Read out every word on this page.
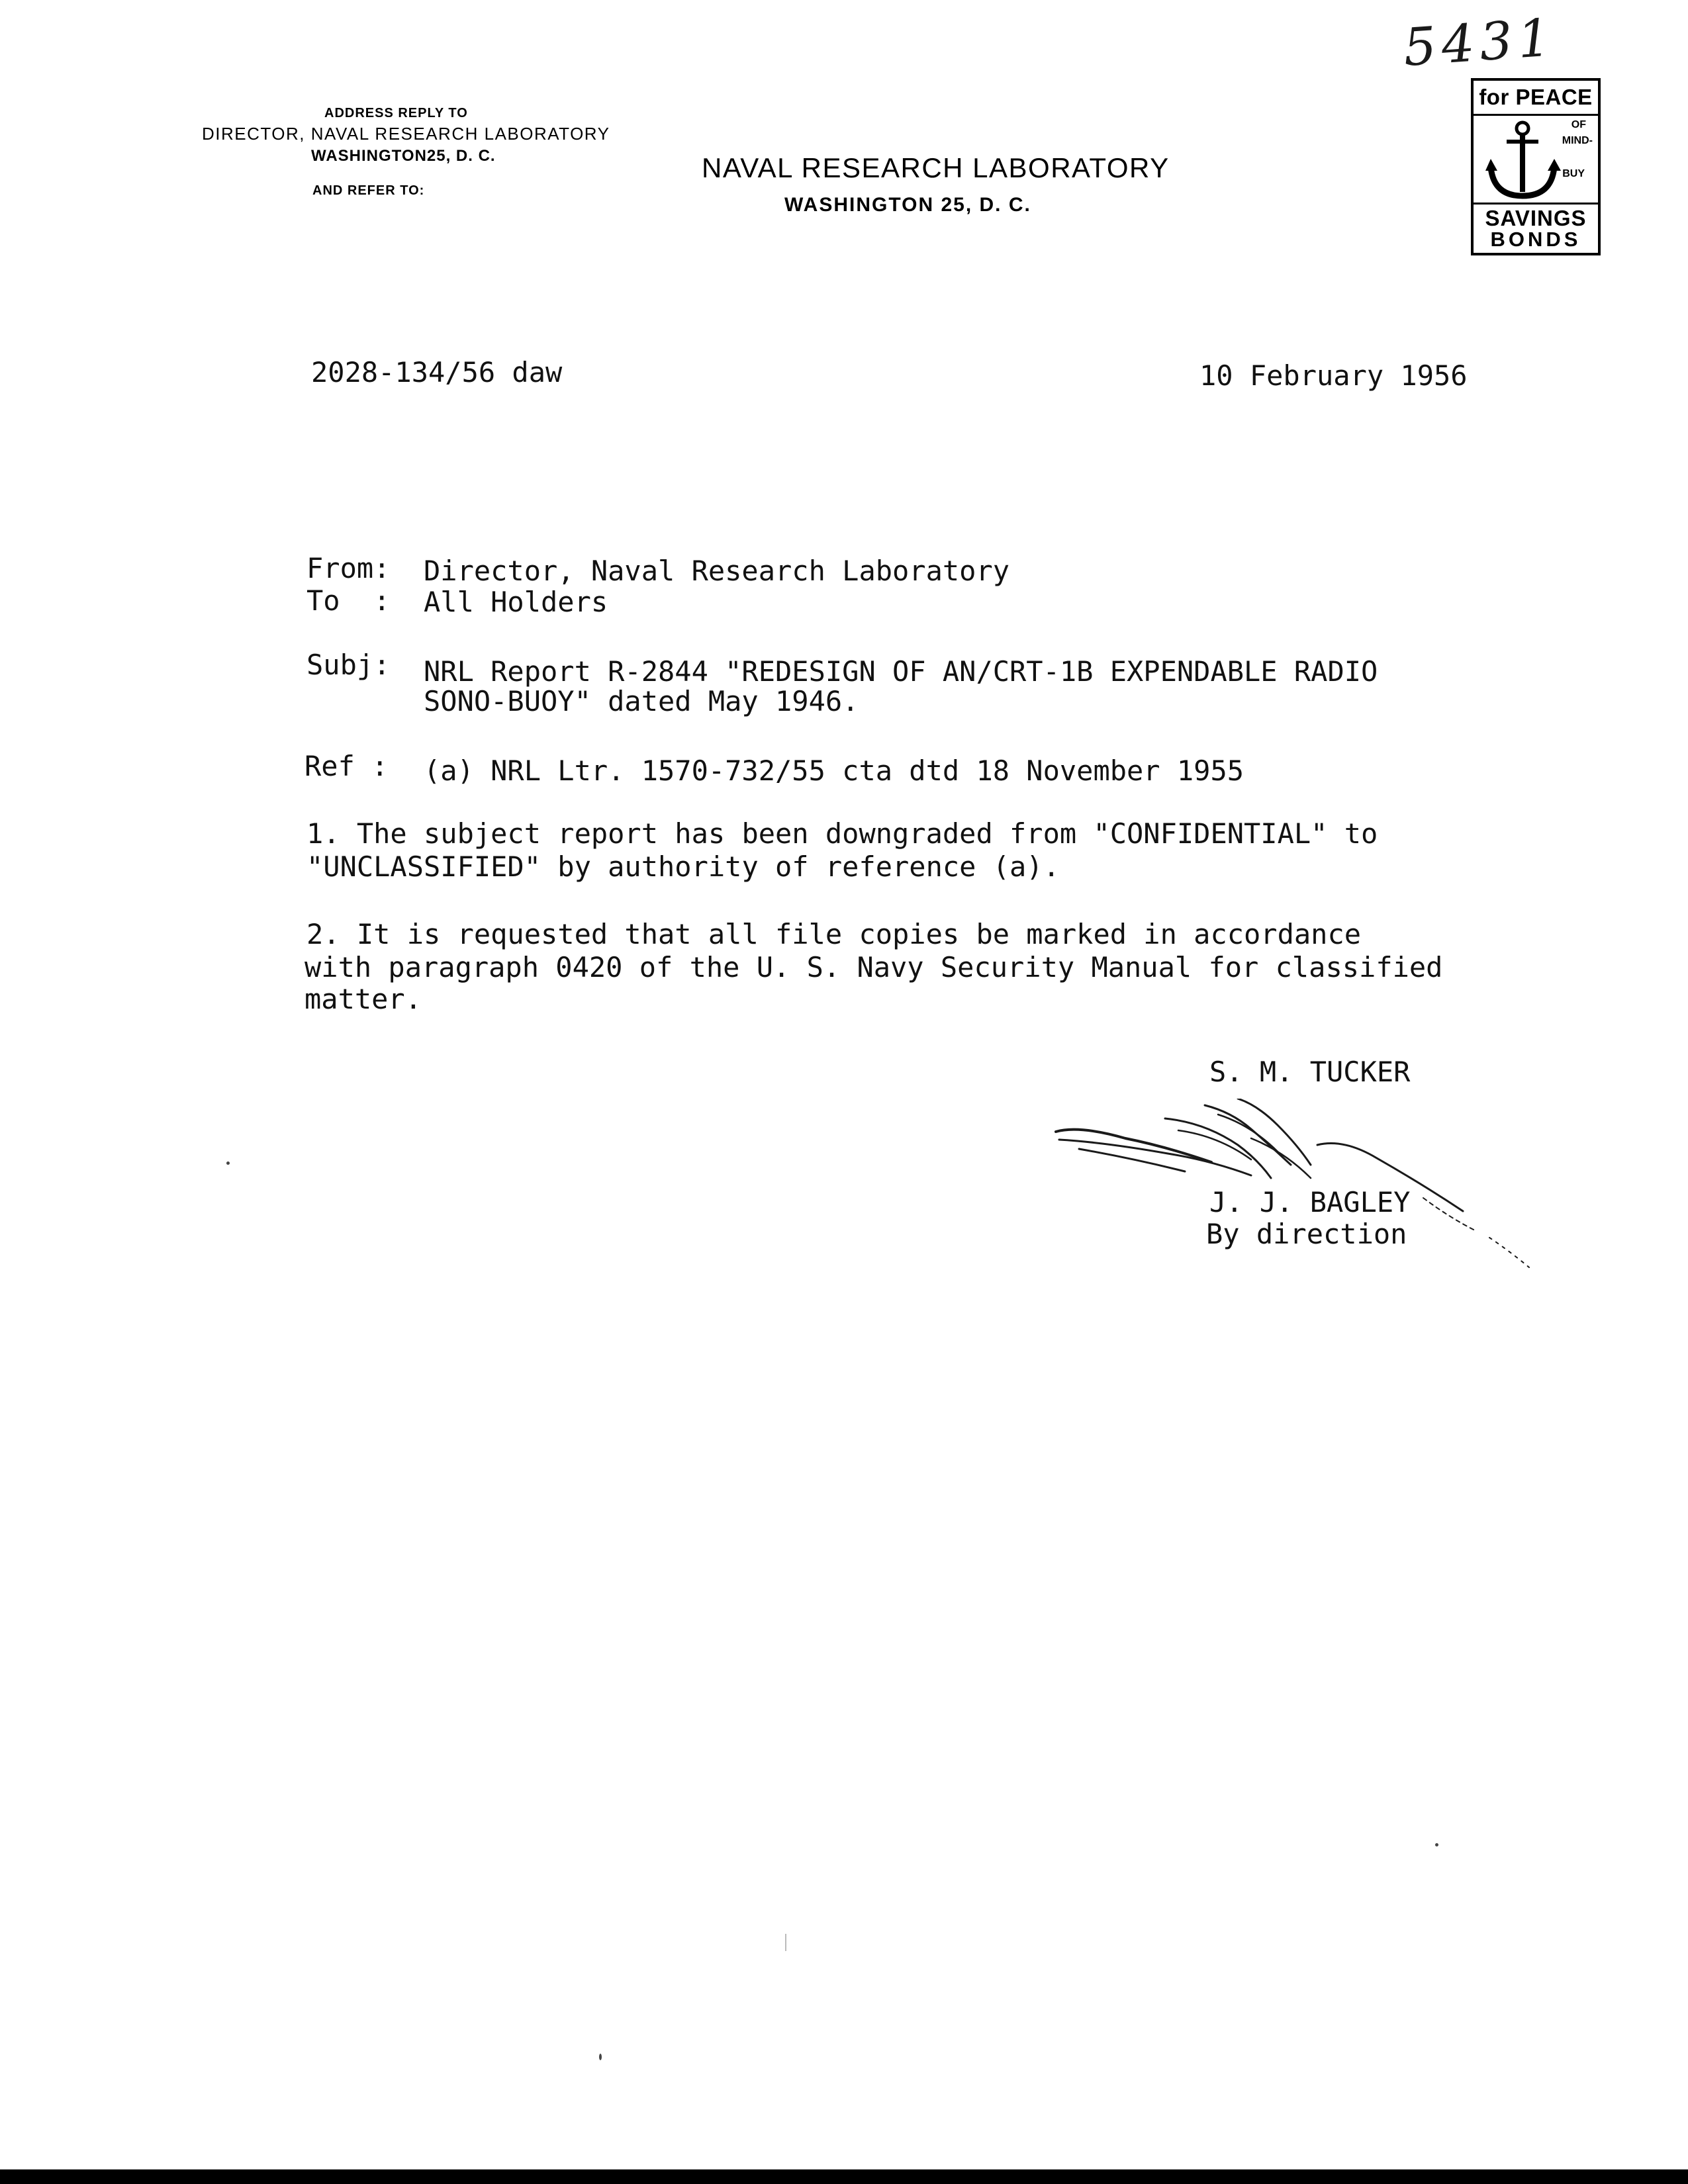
5431
ADDRESS REPLY TO
DIRECTOR, NAVAL RESEARCH LABORATORY
WASHINGTON25, D. C.
AND REFER TO:
NAVAL RESEARCH LABORATORY
WASHINGTON 25, D. C.
for PEACE
OF
MIND-
BUY
SAVINGS
BONDS
2028-134/56 daw	10 February 1956
From: Director, Naval Research Laboratory
To  : All Holders
Subj: NRL Report R-2844 "REDESIGN OF AN/CRT-1B EXPENDABLE RADIO
SONO-BUOY" dated May 1946.
Ref : (a) NRL Ltr. 1570-732/55 cta dtd 18 November 1955
1. The subject report has been downgraded from "CONFIDENTIAL" to
"UNCLASSIFIED" by authority of reference (a).
2. It is requested that all file copies be marked in accordance
with paragraph 0420 of the U. S. Navy Security Manual for classified
matter.
S. M. TUCKER
J. J. BAGLEY
By direction
